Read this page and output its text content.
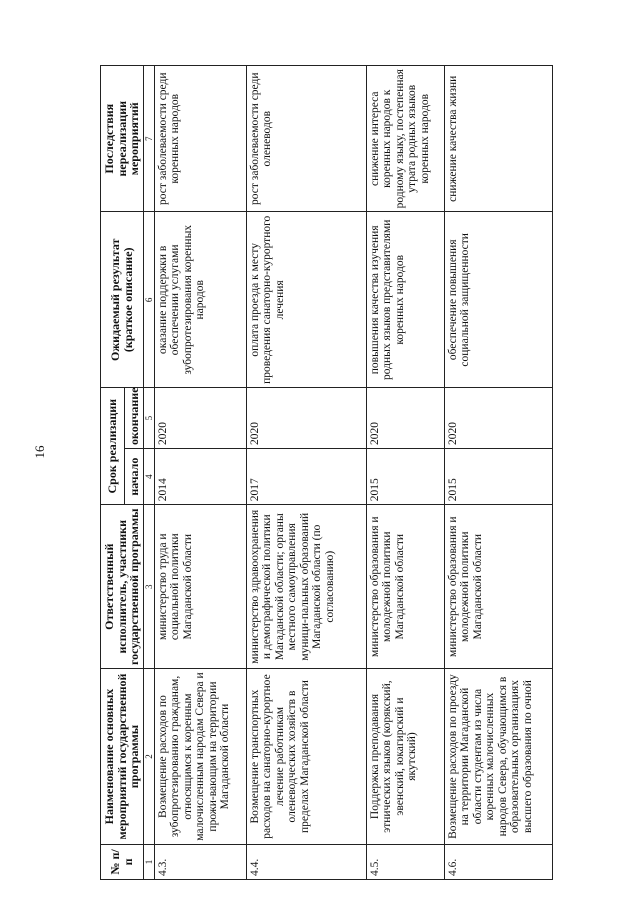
16
№ п/п	Наименование основных мероприятий государственной программы	Ответственный исполнитель, участники государственной программы	Срок реализации		Ожидаемый результат (краткое описание)	Последствия нереализации мероприятий
			начало	окончание		
1	2	3	4	5	6	7
4.3.	Возмещение расходов по зубопротезированию гражданам, относящимся к коренным малочисленным народам Севера и прожи-вающим на территории Магаданской области	министерство труда и социальной политики Магаданской области	2014	2020	оказание поддержки в обеспечении услугами зубопротезирования коренных народов	рост заболеваемости среди коренных народов
4.4.	Возмещение транспортных расходов на санаторно-курортное лечение работникам оленеводческих хозяйств в пределах Магаданской области	министерство здравоохранения и демографической политики Магаданской области; органы местного самоуправления муници-пальных образований Магаданской области (по согласованию)	2017	2020	оплата проезда к месту проведения санаторно-курортного лечения	рост заболеваемости среди оленеводов
4.5.	Поддержка преподавания этнических языков (корякский, эвенский, юкагирский и якутский)	министерство образования и молодежной политики Магаданской области	2015	2020	повышения качества изучения родных языков представителями коренных народов	снижение интереса коренных народов к родному языку, постепенная утрата родных языков коренных народов
4.6.	Возмещение расходов по проезду на территории Магаданской области студентам из числа коренных малочисленных народов Севера, обучающимся в образовательных организациях высшего образования по очной	министерство образования и молодежной политики Магаданской области	2015	2020	обеспечение повышения социальной защищенности	снижение качества жизни
